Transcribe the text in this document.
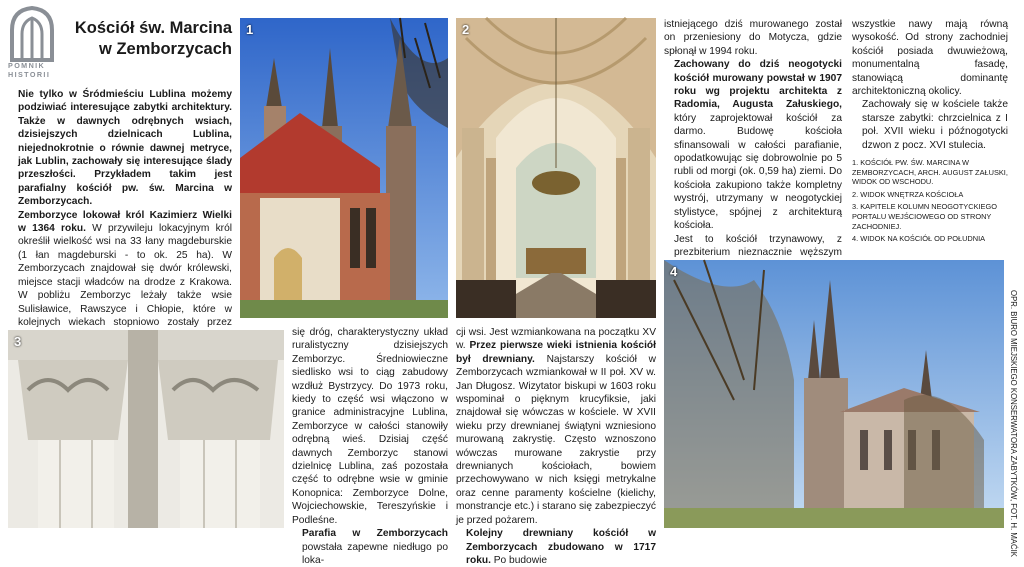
POMNIK
HISTORII
Kościół św. Marcina
w Zemborzycach

Nie tylko w Śródmieściu Lublina możemy podziwiać interesujące zabytki architektury. Także w dawnych odrębnych wsiach, dzisiejszych dzielnicach Lublina, niejednokrotnie o równie dawnej metryce, jak Lublin, zachowały się interesujące ślady przeszłości. Przykładem takim jest parafialny kościół pw. św. Marcina w Zemborzycach.

Zemborzyce lokował król Kazimierz Wielki w 1364 roku. W przywileju lokacyjnym król określił wielkość wsi na 33 łany magdeburskie (1 łan magdeburski - to ok. 25 ha). W Zemborzycach znajdował się dwór królewski, miejsce stacji władców na drodze z Krakowa. W pobliżu Zemborzyc leżały także wsie Sulisławice, Rawszyce i Chłopie, które w kolejnych wiekach stopniowo zostały przez

1	2
3

się dróg, charakterystyczny układ ruralistyczny dzisiejszych Zemborzyc. Średniowieczne siedlisko wsi to ciąg zabudowy wzdłuż Bystrzycy. Do 1973 roku, kiedy to część wsi włączono w granice administracyjne Lublina, Zemborzyce w całości stanowiły odrębną wieś. Dzisiaj część dawnych Zemborzyc stanowi dzielnicę Lublina, zaś pozostała część to odrębne wsie w gminie Konopnica: Zemborzyce Dolne, Wojciechowskie, Tereszyńskie i Podleśne.

Parafia w Zemborzycach powstała zapewne niedługo po loka-

cji wsi. Jest wzmiankowana na początku XV w. Przez pierwsze wieki istnienia kościół był drewniany. Najstarszy kościół w Zemborzycach wzmiankował w II poł. XV w. Jan Długosz. Wizytator biskupi w 1603 roku wspominał o pięknym krucyfiksie, jaki znajdował się wówczas w kościele. W XVII wieku przy drewnianej świątyni wzniesiono murowaną zakrystię. Często wznoszono wówczas murowane zakrystie przy drewnianych kościołach, bowiem przechowywano w nich księgi metrykalne oraz cenne paramenty kościelne (kielichy, monstrancje etc.) i starano się zabezpieczyć je przed pożarem.

Kolejny drewniany kościół w Zemborzycach zbudowano w 1717 roku. Po budowie

istniejącego dziś murowanego został on przeniesiony do Motycza, gdzie spłonął w 1994 roku.

Zachowany do dziś neogotycki kościół murowany powstał w 1907 roku wg projektu architekta z Radomia, Augusta Załuskiego, który zaprojektował kościół za darmo. Budowę kościoła sfinansowali w całości parafianie, opodatkowując się dobrowolnie po 5 rubli od morgi (ok. 0,59 ha) ziemi. Do kościoła zakupiono także kompletny wystrój, utrzymany w neogotyckiej stylistyce, spójnej z architekturą kościoła.

Jest to kościół trzynawowy, z prezbiterium nieznacznie węższym

wszystkie nawy mają równą wysokość. Od strony zachodniej kościół posiada dwuwieżową, monumentalną fasadę, stanowiącą dominantę architektoniczną okolicy.

Zachowały się w kościele także starsze zabytki: chrzcielnica z I poł. XVII wieku i późnogotycki dzwon z pocz. XVI stulecia.

1. KOŚCIÓŁ PW. ŚW. MARCINA W ZEMBORZYCACH, ARCH. AUGUST ZAŁUSKI, WIDOK OD WSCHODU.

2. WIDOK WNĘTRZA KOŚCIOŁA

3. KAPITELE KOLUMN NEOGOTYCKIEGO PORTALU WEJŚCIOWEGO OD STRONY ZACHODNIEJ.

4. WIDOK NA KOŚCIÓŁ OD POŁUDNIA

4
OPR. BIURO MIEJSKIEGO KONSERWATORA ZABYTKÓW, FOT. H. MAĆIK
